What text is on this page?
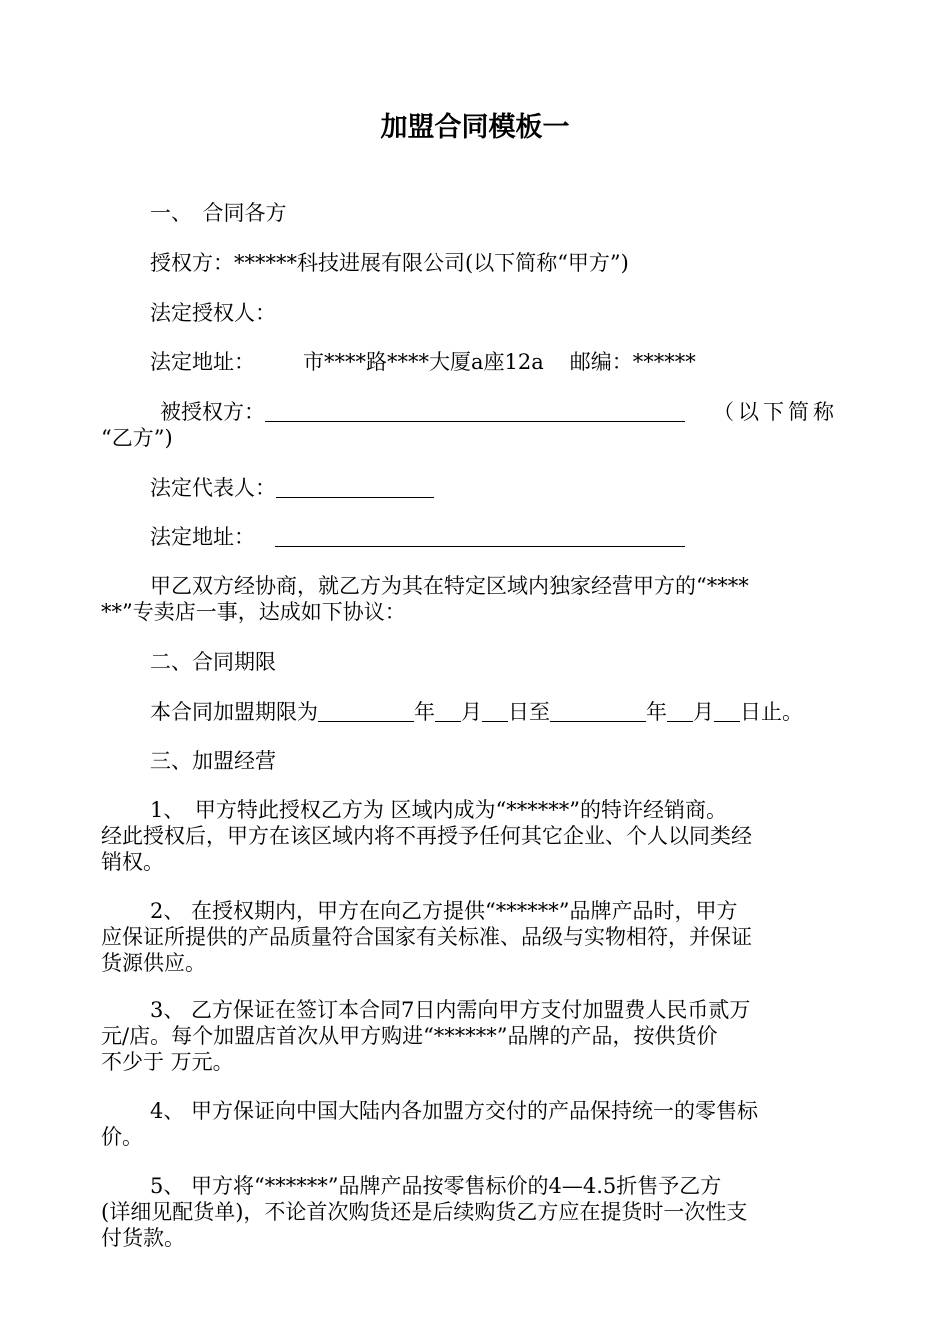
加盟合同模板一
一、　合同各方
授权方：******科技进展有限公司(以下简称“甲方”)
法定授权人：
法定地址： 市****路****大厦a座12a 邮编：******
被授权方：	（以下简称
“乙方”)
法定代表人：
法定地址：
甲乙双方经协商，就乙方为其在特定区域内独家经营甲方的“****
**”专卖店一事，达成如下协议：
二、合同期限
本合同加盟期限为	年 月 日至	年 月 日止。
三、加盟经营
1、　甲方特此授权乙方为 区域内成为“******”的特许经销商。
经此授权后，甲方在该区域内将不再授予任何其它企业、个人以同类经
销权。
2、 在授权期内，甲方在向乙方提供“******”品牌产品时，甲方
应保证所提供的产品质量符合国家有关标准、品级与实物相符，并保证
货源供应。
3、 乙方保证在签订本合同7日内需向甲方支付加盟费人民币贰万
元/店。每个加盟店首次从甲方购进“******”品牌的产品，按供货价
不少于 万元。
4、 甲方保证向中国大陆内各加盟方交付的产品保持统一的零售标
价。
5、 甲方将“******”品牌产品按零售标价的4—4.5折售予乙方
(详细见配货单)，不论首次购货还是后续购货乙方应在提货时一次性支
付货款。
